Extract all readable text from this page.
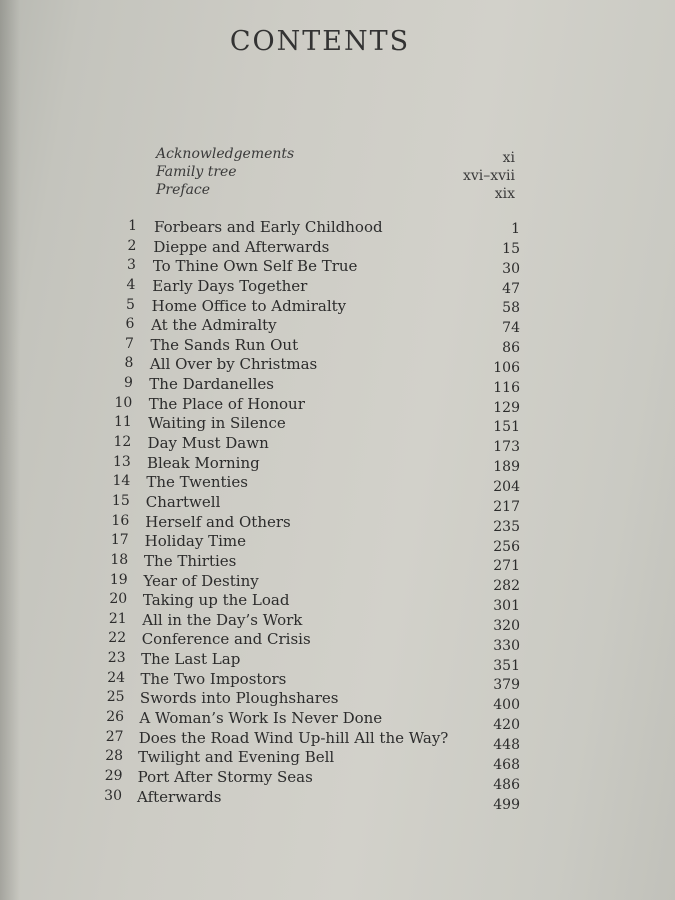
CONTENTS
Acknowledgements	xi
Family tree	xvi–xvii
Preface	xix
1 Forbears and Early Childhood	1
2 Dieppe and Afterwards	15
3 To Thine Own Self Be True	30
4 Early Days Together	47
5 Home Office to Admiralty	58
6 At the Admiralty	74
7 The Sands Run Out	86
8 All Over by Christmas	106
9 The Dardanelles	116
10 The Place of Honour	129
11 Waiting in Silence	151
12 Day Must Dawn	173
13 Bleak Morning	189
14 The Twenties	204
15 Chartwell	217
16 Herself and Others	235
17 Holiday Time	256
18 The Thirties	271
19 Year of Destiny	282
20 Taking up the Load	301
21 All in the Day’s Work	320
22 Conference and Crisis	330
23 The Last Lap	351
24 The Two Impostors	379
25 Swords into Ploughshares	400
26 A Woman’s Work Is Never Done	420
27 Does the Road Wind Up-hill All the Way?	448
28 Twilight and Evening Bell	468
29 Port After Stormy Seas	486
30 Afterwards	499
